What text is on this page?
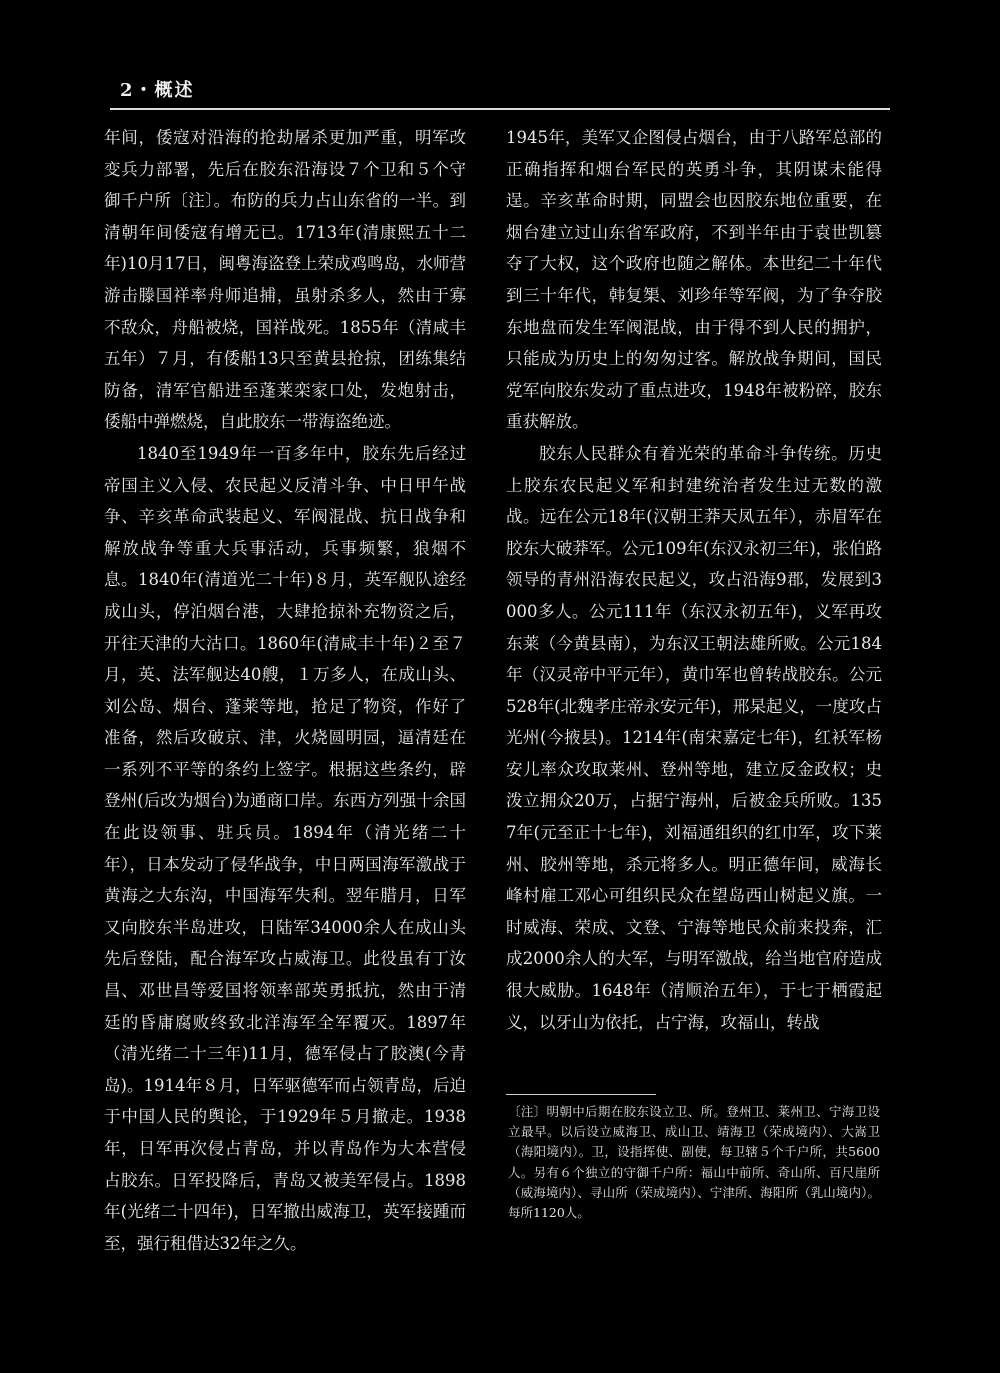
2・概述

年间，倭寇对沿海的抢劫屠杀更加严重，明军改变兵力部署，先后在胶东沿海设７个卫和５个守御千户所〔注〕。布防的兵力占山东省的一半。到清朝年间倭寇有增无已。1713年(清康熙五十二年)10月17日，闽粤海盗登上荣成鸡鸣岛，水师营游击滕国祥率舟师追捕，虽射杀多人，然由于寡不敌众，舟船被烧，国祥战死。1855年（清咸丰五年）７月，有倭船13只至黄县抢掠，团练集结防备，清军官船进至蓬莱栾家口处，发炮射击，倭船中弹燃烧，自此胶东一带海盗绝迹。

1840至1949年一百多年中，胶东先后经过帝国主义入侵、农民起义反清斗争、中日甲午战争、辛亥革命武装起义、军阀混战、抗日战争和解放战争等重大兵事活动，兵事频繁，狼烟不息。1840年(清道光二十年)８月，英军舰队途经成山头，停泊烟台港，大肆抢掠补充物资之后，开往天津的大沽口。1860年(清咸丰十年)２至７月，英、法军舰达40艘，１万多人，在成山头、刘公岛、烟台、蓬莱等地，抢足了物资，作好了准备，然后攻破京、津，火烧圆明园，逼清廷在一系列不平等的条约上签字。根据这些条约，辟登州(后改为烟台)为通商口岸。东西方列强十余国在此设领事、驻兵员。1894年（清光绪二十年），日本发动了侵华战争，中日两国海军激战于黄海之大东沟，中国海军失利。翌年腊月，日军又向胶东半岛进攻，日陆军34000余人在成山头先后登陆，配合海军攻占威海卫。此役虽有丁汝昌、邓世昌等爱国将领率部英勇抵抗，然由于清廷的昏庸腐败终致北洋海军全军覆灭。1897年（清光绪二十三年)11月，德军侵占了胶澳(今青岛)。1914年８月，日军驱德军而占领青岛，后迫于中国人民的舆论，于1929年５月撤走。1938年，日军再次侵占青岛，并以青岛作为大本营侵占胶东。日军投降后，青岛又被美军侵占。1898年(光绪二十四年)，日军撤出威海卫，英军接踵而至，强行租借达32年之久。

1945年，美军又企图侵占烟台，由于八路军总部的正确指挥和烟台军民的英勇斗争，其阴谋未能得逞。辛亥革命时期，同盟会也因胶东地位重要，在烟台建立过山东省军政府，不到半年由于袁世凯篡夺了大权，这个政府也随之解体。本世纪二十年代到三十年代，韩复榘、刘珍年等军阀，为了争夺胶东地盘而发生军阀混战，由于得不到人民的拥护，只能成为历史上的匆匆过客。解放战争期间，国民党军向胶东发动了重点进攻，1948年被粉碎，胶东重获解放。

胶东人民群众有着光荣的革命斗争传统。历史上胶东农民起义军和封建统治者发生过无数的激战。远在公元18年(汉朝王莽天凤五年），赤眉军在胶东大破莽军。公元109年(东汉永初三年)，张伯路领导的青州沿海农民起义，攻占沿海9郡，发展到3000多人。公元111年（东汉永初五年)，义军再攻东莱（今黄县南），为东汉王朝法雄所败。公元184年（汉灵帝中平元年），黄巾军也曾转战胶东。公元528年(北魏孝庄帝永安元年)，邢杲起义，一度攻占光州(今掖县)。1214年(南宋嘉定七年)，红袄军杨安儿率众攻取莱州、登州等地，建立反金政权；史泼立拥众20万，占据宁海州，后被金兵所败。1357年(元至正十七年)，刘福通组织的红巾军，攻下莱州、胶州等地，杀元将多人。明正德年间，威海长峰村雇工邓心可组织民众在望岛西山树起义旗。一时威海、荣成、文登、宁海等地民众前来投奔，汇成2000余人的大军，与明军激战，给当地官府造成很大威胁。1648年（清顺治五年），于七于栖霞起义，以牙山为依托，占宁海，攻福山，转战

〔注〕明朝中后期在胶东设立卫、所。登州卫、莱州卫、宁海卫设立最早。以后设立威海卫、成山卫、靖海卫（荣成境内）、大嵩卫（海阳境内）。卫，设指挥使、副使，每卫辖５个千户所，共5600人。另有６个独立的守御千户所：福山中前所、奇山所、百尺崖所（威海境内）、寻山所（荣成境内）、宁津所、海阳所（乳山境内）。每所1120人。
